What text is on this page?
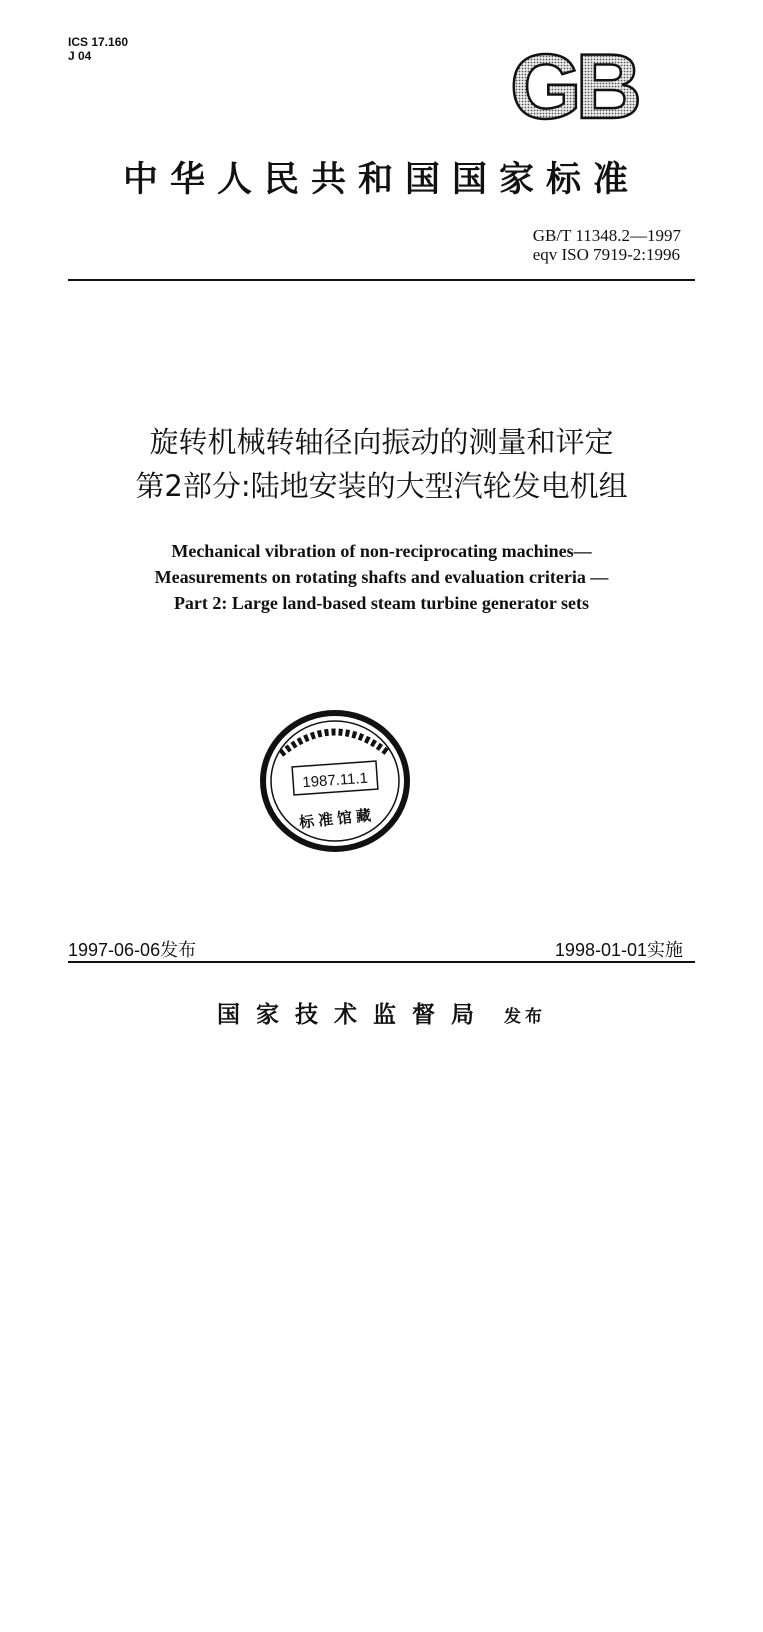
ICS 17.160
J 04	GB
中华人民共和国国家标准
GB/T 11348.2—1997
eqv ISO 7919-2:1996
旋转机械转轴径向振动的测量和评定
第2部分:陆地安装的大型汽轮发电机组
Mechanical vibration of non-reciprocating machines—
Measurements on rotating shafts and evaluation criteria —
Part 2: Large land-based steam turbine generator sets
1987.11.1
标准馆藏
1997-06-06发布	1998-01-01实施
国家技术监督局 发布
